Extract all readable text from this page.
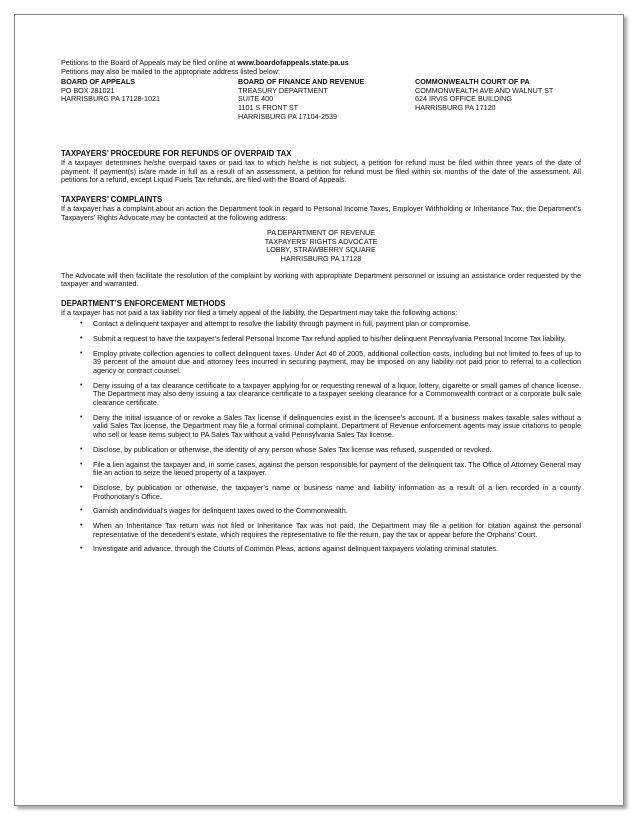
Petitions to the Board of Appeals may be filed online at www.boardofappeals.state.pa.us

Petitions may also be mailed to the appropriate address listed below:

BOARD OF APPEALS
PO BOX 281021
HARRISBURG PA 17128-1021
BOARD OF FINANCE AND REVENUE
TREASURY DEPARTMENT
SUITE 400
1101 S FRONT ST
HARRISBURG PA 17104-2539
COMMONWEALTH COURT OF PA
COMMONWEALTH AVE AND WALNUT ST
624 IRVIS OFFICE BUILDING
HARRISBURG PA 17120
TAXPAYERS’ PROCEDURE FOR REFUNDS OF OVERPAID TAX

If a taxpayer determines he/she overpaid taxes or paid tax to which he/she is not subject, a petition for refund must be filed within three years of the date of payment. If payment(s) is/are made in full as a result of an assessment, a petition for refund must be filed within six months of the date of the assessment. All petitions for a refund, except Liquid Fuels Tax refunds, are filed with the Board of Appeals.

TAXPAYERS’ COMPLAINTS

If a taxpayer has a complaint about an action the Department took in regard to Personal Income Taxes, Employer Withholding or Inheritance Tax, the Department’s Taxpayers’ Rights Advocate may be contacted at the following address:

PA DEPARTMENT OF REVENUE
TAXPAYERS’ RIGHTS ADVOCATE
LOBBY, STRAWBERRY SQUARE
HARRISBURG PA 17128

The Advocate will then facilitate the resolution of the complaint by working with appropriate Department personnel or issuing an assistance order requested by the taxpayer and warranted.

DEPARTMENT’S ENFORCEMENT METHODS

If a taxpayer has not paid a tax liability nor filed a timely appeal of the liability, the Department may take the following actions:

• Contact a delinquent taxpayer and attempt to resolve the liability through payment in full, payment plan or compromise.
• Submit a request to have the taxpayer’s federal Personal Income Tax refund applied to his/her delinquent Pennsylvania Personal Income Tax liability.
• Employ private collection agencies to collect delinquent taxes. Under Act 40 of 2005, additional collection costs, including but not limited to fees of up to 39 percent of the amount due and attorney fees incurred in securing payment, may be imposed on any liability not paid prior to referral to a collection agency or contract counsel.
• Deny issuing of a tax clearance certificate to a taxpayer applying for or requesting renewal of a liquor, lottery, cigarette or small games of chance license. The Department may also deny issuing a tax clearance certificate to a taxpayer seeking clearance for a Commonwealth contract or a corporate bulk sale clearance certificate.
• Deny the initial issuance of or revoke a Sales Tax license if delinquencies exist in the licensee’s account. If a business makes taxable sales without a valid Sales Tax license, the Department may file a formal criminal complaint. Department of Revenue enforcement agents may issue citations to people who sell or lease items subject to PA Sales Tax without a valid Pennsylvania Sales Tax license.
• Disclose, by publication or otherwise, the identity of any person whose Sales Tax license was refused, suspended or revoked.
• File a lien against the taxpayer and, in some cases, against the person responsible for payment of the delinquent tax. The Office of Attorney General may file an action to seize the liened property of a taxpayer.
• Disclose, by publication or otherwise, the taxpayer’s name or business name and liability information as a result of a lien recorded in a county Prothonotary’s Office.
• Garnish andindividual’s wages for delinquent taxes owed to the Commonwealth.
• When an Inheritance Tax return was not filed or Inheritance Tax was not paid, the Department may file a petition for citation against the personal representative of the decedent’s estate, which requires the representative to file the return, pay the tax or appear before the Orphans’ Court.
• Investigate and advance, through the Courts of Common Pleas, actions against delinquent taxpayers violating criminal statutes.
